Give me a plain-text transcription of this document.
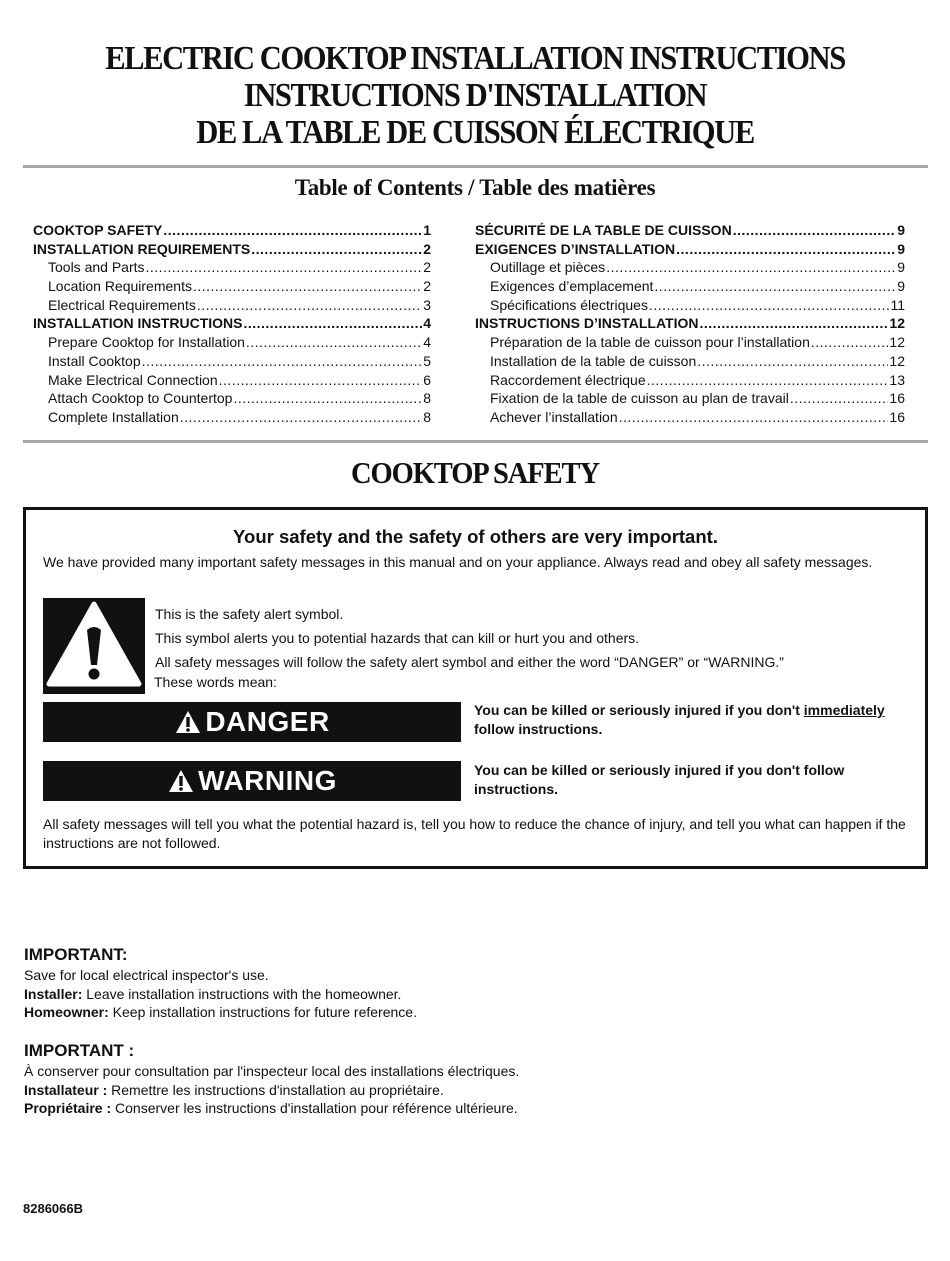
ELECTRIC COOKTOP INSTALLATION INSTRUCTIONS
INSTRUCTIONS D'INSTALLATION
DE LA TABLE DE CUISSON ÉLECTRIQUE
Table of Contents / Table des matières
COOKTOP SAFETY .....	1
INSTALLATION REQUIREMENTS .....	2
Tools and Parts .....	2
Location Requirements .....	2
Electrical Requirements .....	3
INSTALLATION INSTRUCTIONS .....	4
Prepare Cooktop for Installation .....	4
Install Cooktop .....	5
Make Electrical Connection .....	6
Attach Cooktop to Countertop .....	8
Complete Installation .....	8
SÉCURITÉ DE LA TABLE DE CUISSON .....	9
EXIGENCES D’INSTALLATION .....	9
Outillage et pièces .....	9
Exigences d’emplacement .....	9
Spécifications électriques .....	11
INSTRUCTIONS D’INSTALLATION .....	12
Préparation de la table de cuisson pour l’installation .....	12
Installation de la table de cuisson .....	12
Raccordement électrique .....	13
Fixation de la table de cuisson au plan de travail .....	16
Achever l’installation .....	16
COOKTOP SAFETY
Your safety and the safety of others are very important.
We have provided many important safety messages in this manual and on your appliance. Always read and obey all safety messages.
This is the safety alert symbol.
This symbol alerts you to potential hazards that can kill or hurt you and others.
All safety messages will follow the safety alert symbol and either the word “DANGER” or “WARNING.”
These words mean:
DANGER	You can be killed or seriously injured if you don't immediately follow instructions.
WARNING	You can be killed or seriously injured if you don't follow instructions.
All safety messages will tell you what the potential hazard is, tell you how to reduce the chance of injury, and tell you what can happen if the instructions are not followed.
IMPORTANT:
Save for local electrical inspector's use.
Installer: Leave installation instructions with the homeowner.
Homeowner: Keep installation instructions for future reference.
IMPORTANT :
À conserver pour consultation par l'inspecteur local des installations électriques.
Installateur : Remettre les instructions d'installation au propriétaire.
Propriétaire : Conserver les instructions d'installation pour référence ultérieure.
8286066B
